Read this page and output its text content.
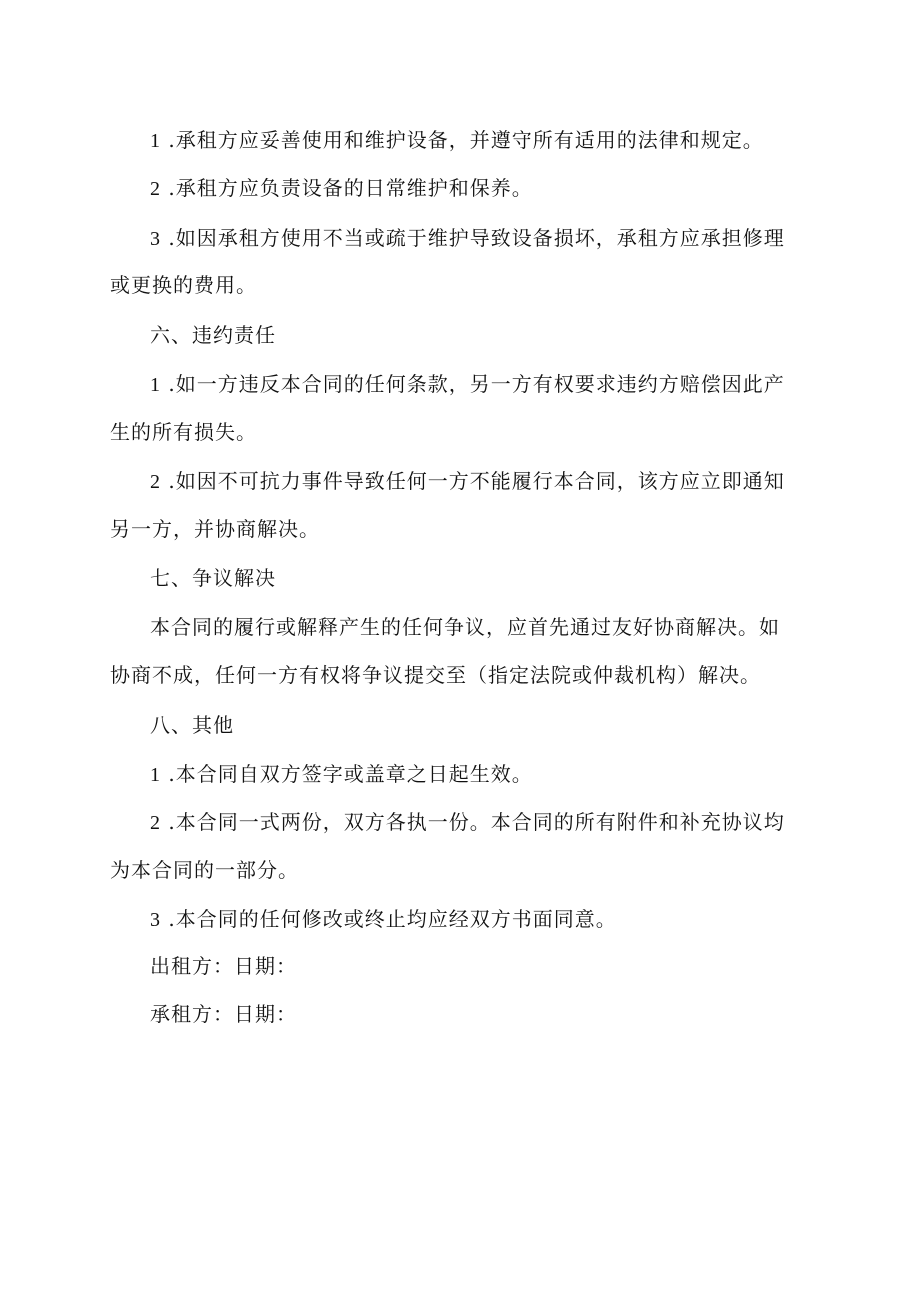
1 .承租方应妥善使用和维护设备，并遵守所有适用的法律和规定。
2 .承租方应负责设备的日常维护和保养。
3 .如因承租方使用不当或疏于维护导致设备损坏，承租方应承担修理
或更换的费用。
六、违约责任
1 .如一方违反本合同的任何条款，另一方有权要求违约方赔偿因此产
生的所有损失。
2 .如因不可抗力事件导致任何一方不能履行本合同，该方应立即通知
另一方，并协商解决。
七、争议解决
本合同的履行或解释产生的任何争议，应首先通过友好协商解决。如
协商不成，任何一方有权将争议提交至（指定法院或仲裁机构）解决。
八、其他
1 .本合同自双方签字或盖章之日起生效。
2 .本合同一式两份，双方各执一份。本合同的所有附件和补充协议均
为本合同的一部分。
3 .本合同的任何修改或终止均应经双方书面同意。
出租方：日期：
承租方：日期：
